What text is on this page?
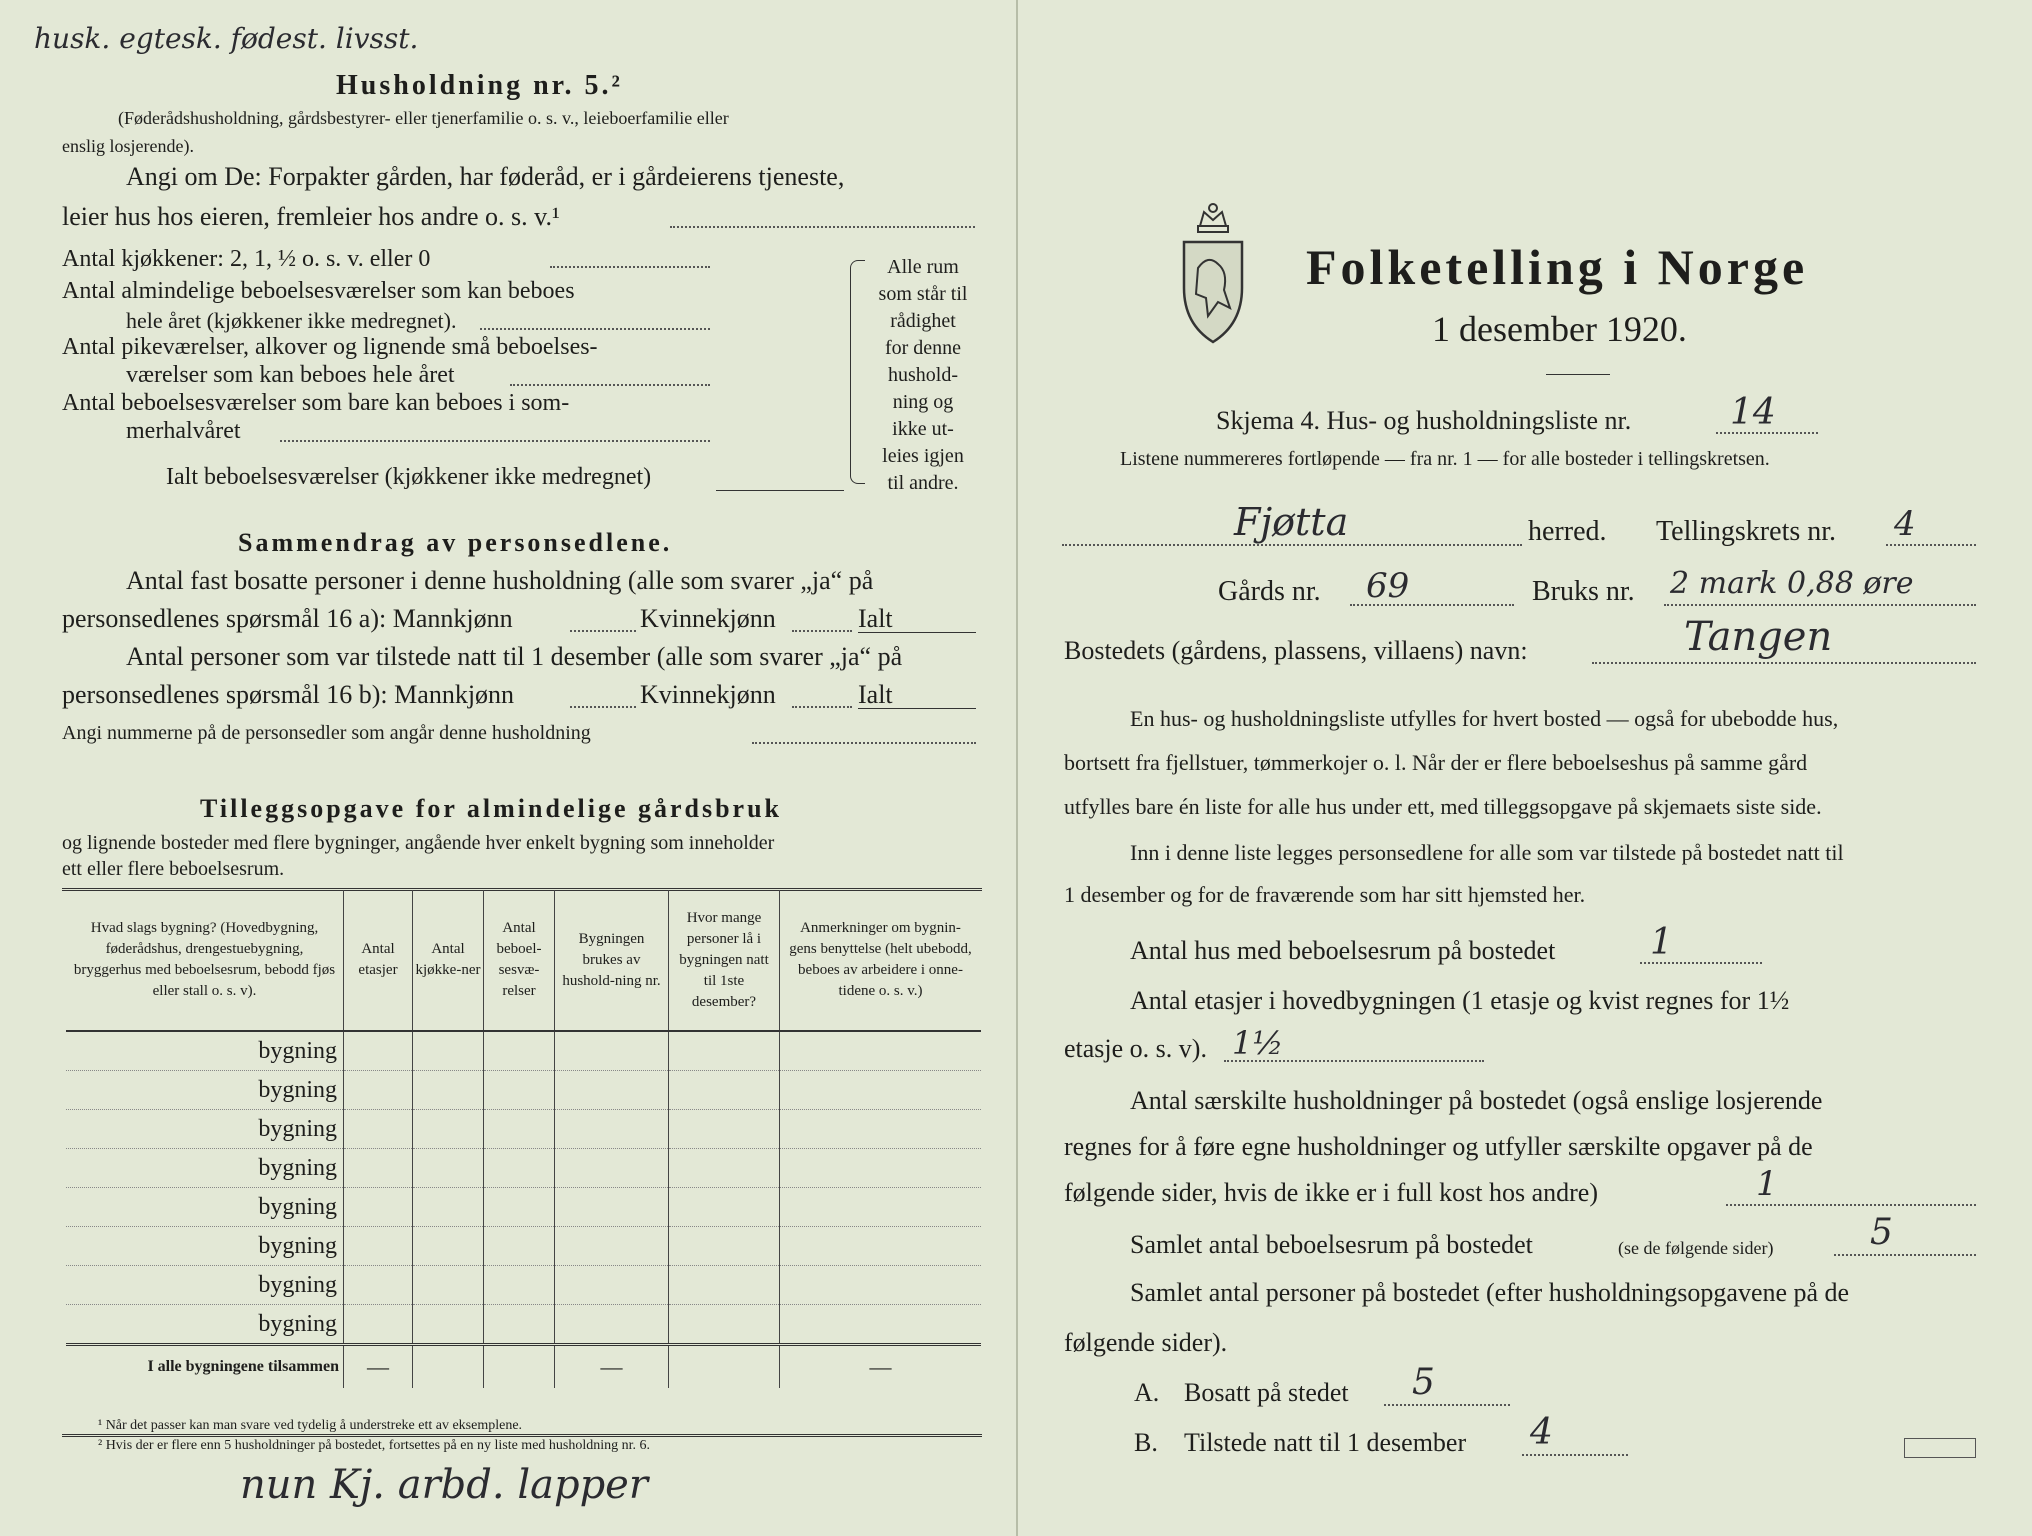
husk. egtesk. fødest. livsst.
Husholdning nr. 5.²
(Føderådshusholdning, gårdsbestyrer- eller tjenerfamilie o. s. v., leieboerfamilie eller
enslig losjerende).
Angi om De: Forpakter gården, har føderåd, er i gårdeierens tjeneste,
leier hus hos eieren, fremleier hos andre o. s. v.¹
Antal kjøkkener: 2, 1, ½ o. s. v. eller 0
Antal almindelige beboelsesværelser som kan beboes
hele året (kjøkkener ikke medregnet).
Antal pikeværelser, alkover og lignende små beboelses-
værelser som kan beboes hele året
Antal beboelsesværelser som bare kan beboes i som-
merhalvåret
Ialt beboelsesværelser (kjøkkener ikke medregnet)
Alle rum
som står til
rådighet
for denne
hushold-
ning og
ikke ut-
leies igjen
til andre.
Sammendrag av personsedlene.
Antal fast bosatte personer i denne husholdning (alle som svarer „ja“ på
personsedlenes spørsmål 16 a): Mannkjønn	Kvinnekjønn	Ialt
Antal personer som var tilstede natt til 1 desember (alle som svarer „ja“ på
personsedlenes spørsmål 16 b): Mannkjønn	Kvinnekjønn	Ialt
Angi nummerne på de personsedler som angår denne husholdning
Tilleggsopgave for almindelige gårdsbruk
og lignende bosteder med flere bygninger, angående hver enkelt bygning som inneholder
ett eller flere beboelsesrum.
Hvad slags bygning? (Hovedbygning, føderådshus, drengestuebygning, bryggerhus med beboelsesrum, bebodd fjøs eller stall o. s. v).	Antal etasjer	Antal kjøkke-ner	Antal beboel-sesvæ-relser	Bygningen brukes av hushold-ning nr.	Hvor mange personer lå i bygningen natt til 1ste desember?	Anmerkninger om bygnin-gens benyttelse (helt ubebodd, beboes av arbeidere i onne-tidene o. s. v.)
bygning						
bygning						
bygning						
bygning						
bygning						
bygning						
bygning						
bygning						
I alle bygningene tilsammen	—			—		—
¹ Når det passer kan man svare ved tydelig å understreke ett av eksemplene.
² Hvis der er flere enn 5 husholdninger på bostedet, fortsettes på en ny liste med husholdning nr. 6.
nun Kj. arbd. lapper
Folketelling i Norge
1 desember 1920.
Skjema 4. Hus- og husholdningsliste nr.	14
Listene nummereres fortløpende — fra nr. 1 — for alle bosteder i tellingskretsen.
Fjøtta	herred. Tellingskrets nr. 4
Gårds nr. 69	Bruks nr. 2 mark 0,88 øre
Bostedets (gårdens, plassens, villaens) navn:	Tangen
En hus- og husholdningsliste utfylles for hvert bosted — også for ubebodde hus,
bortsett fra fjellstuer, tømmerkojer o. l. Når der er flere beboelseshus på samme gård
utfylles bare én liste for alle hus under ett, med tilleggsopgave på skjemaets siste side.
Inn i denne liste legges personsedlene for alle som var tilstede på bostedet natt til
1 desember og for de fraværende som har sitt hjemsted her.
Antal hus med beboelsesrum på bostedet	1
Antal etasjer i hovedbygningen (1 etasje og kvist regnes for 1½
etasje o. s. v). 1½
Antal særskilte husholdninger på bostedet (også enslige losjerende
regnes for å føre egne husholdninger og utfyller særskilte opgaver på de
følgende sider, hvis de ikke er i full kost hos andre)	1
Samlet antal beboelsesrum på bostedet	(se de følgende sider)	5
Samlet antal personer på bostedet (efter husholdningsopgavene på de
følgende sider).
A. Bosatt på stedet 5
B. Tilstede natt til 1 desember 4
